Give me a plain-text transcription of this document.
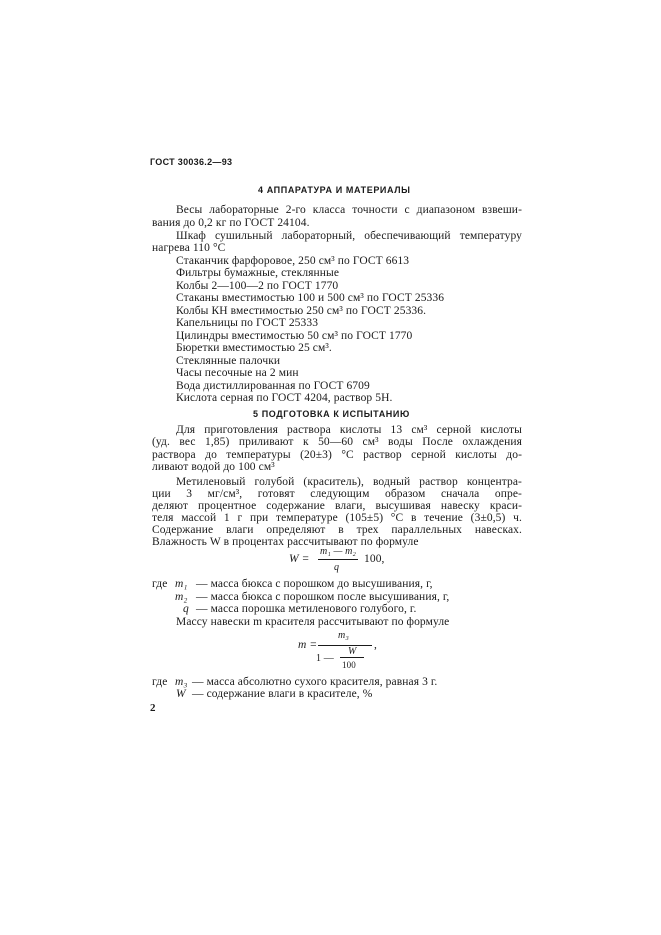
ГОСТ 30036.2—93
4 АППАРАТУРА И МАТЕРИАЛЫ
Весы лабораторные 2-го класса точности с диапазоном взвеши-
вания до 0,2 кг по ГОСТ 24104.
Шкаф сушильный лабораторный, обеспечивающий температуру
нагрева 110 °С
Стаканчик фарфоровое, 250 см³ по ГОСТ 6613
Фильтры бумажные, стеклянные
Колбы 2—100—2 по ГОСТ 1770
Стаканы вместимостью 100 и 500 см³ по ГОСТ 25336
Колбы КН вместимостью 250 см³ по ГОСТ 25336.
Капельницы по ГОСТ 25333
Цилиндры вместимостью 50 см³ по ГОСТ 1770
Бюретки вместимостью 25 см³.
Стеклянные палочки
Часы песочные на 2 мин
Вода дистиллированная по ГОСТ 6709
Кислота серная по ГОСТ 4204, раствор 5Н.
5 ПОДГОТОВКА К ИСПЫТАНИЮ
Для приготовления раствора кислоты 13 см³ серной кислоты
(уд. вес 1,85) приливают к 50—60 см³ воды После охлаждения
раствора до температуры (20±3) °С раствор серной кислоты до-
ливают водой до 100 см³
Метиленовый голубой (краситель), водный раствор концентра-
ции 3 мг/см³, готовят следующим образом сначала опре-
деляют процентное содержание влаги, высушивая навеску краси-
теля массой 1 г при температуре (105±5) °С в течение (3±0,5) ч.
Содержание влаги определяют в трех параллельных навесках.
Влажность W в процентах рассчитывают по формуле
W =
m₁ — m₂
q
100,
где m₁ — масса бюкса с порошком до высушивания, г,
m₂ — масса бюкса с порошком после высушивания, г,
q — масса порошка метиленового голубого, г.
Массу навески m красителя рассчитывают по формуле
m =
m₃
1 —
W
100
,
где m₃ — масса абсолютно сухого красителя, равная 3 г.
W — содержание влаги в красителе, %
2
